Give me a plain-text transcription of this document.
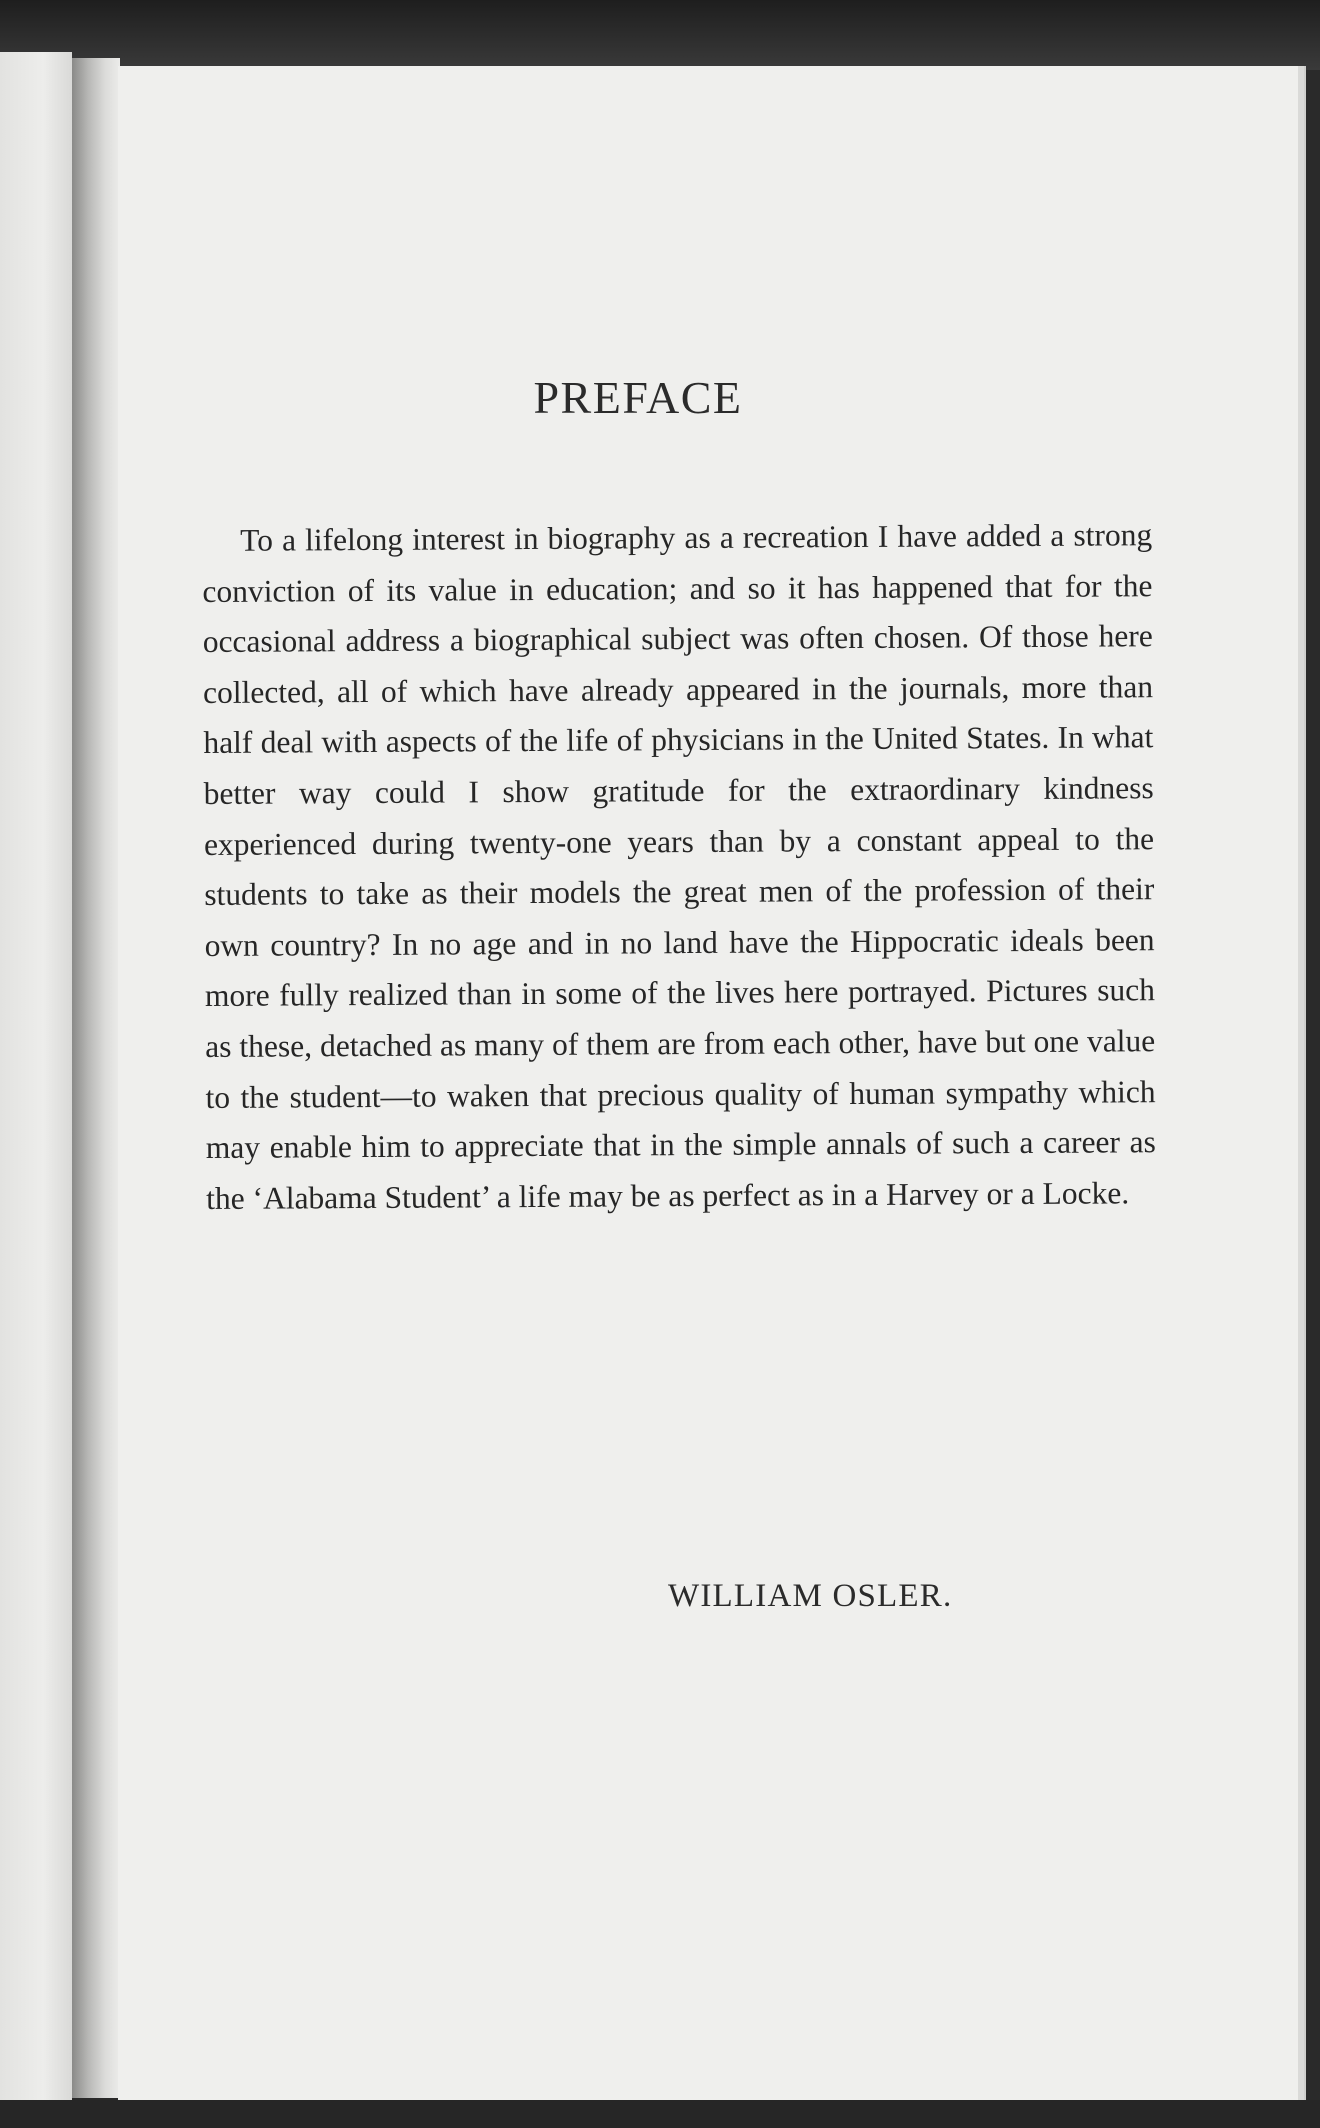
PREFACE

To a lifelong interest in biography as a recreation I have added a strong conviction of its value in education; and so it has happened that for the occasional address a biographical subject was often chosen. Of those here collected, all of which have already appeared in the journals, more than half deal with aspects of the life of physicians in the United States. In what better way could I show gratitude for the extraordinary kindness experienced during twenty-one years than by a constant appeal to the students to take as their models the great men of the profession of their own country? In no age and in no land have the Hippocratic ideals been more fully realized than in some of the lives here portrayed. Pictures such as these, detached as many of them are from each other, have but one value to the student—to waken that precious quality of human sympathy which may enable him to appreciate that in the simple annals of such a career as the ‘Alabama Student’ a life may be as perfect as in a Harvey or a Locke.

WILLIAM OSLER.
